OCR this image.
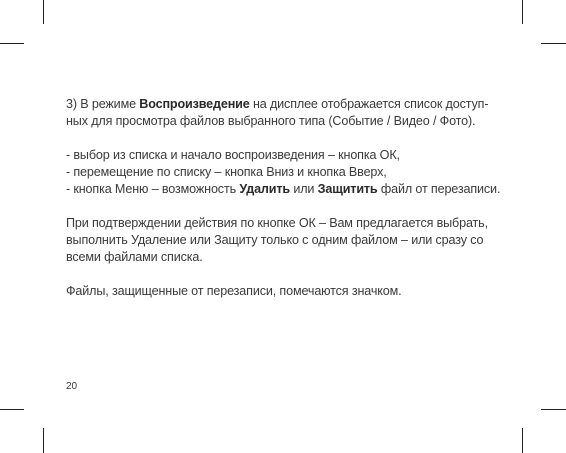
3) В режиме Воспроизведение на дисплее отображается список доступ-
ных для просмотра файлов выбранного типа (Событие / Видео / Фото).

- выбор из списка и начало воспроизведения – кнопка ОК,
- перемещение по списку – кнопка Вниз и кнопка Вверх,
- кнопка Меню – возможность Удалить или Защитить файл от перезаписи.

При подтверждении действия по кнопке ОК – Вам предлагается выбрать,
выполнить Удаление или Защиту только с одним файлом – или сразу со
всеми файлами списка.

Файлы, защищенные от перезаписи, помечаются значком.

20
